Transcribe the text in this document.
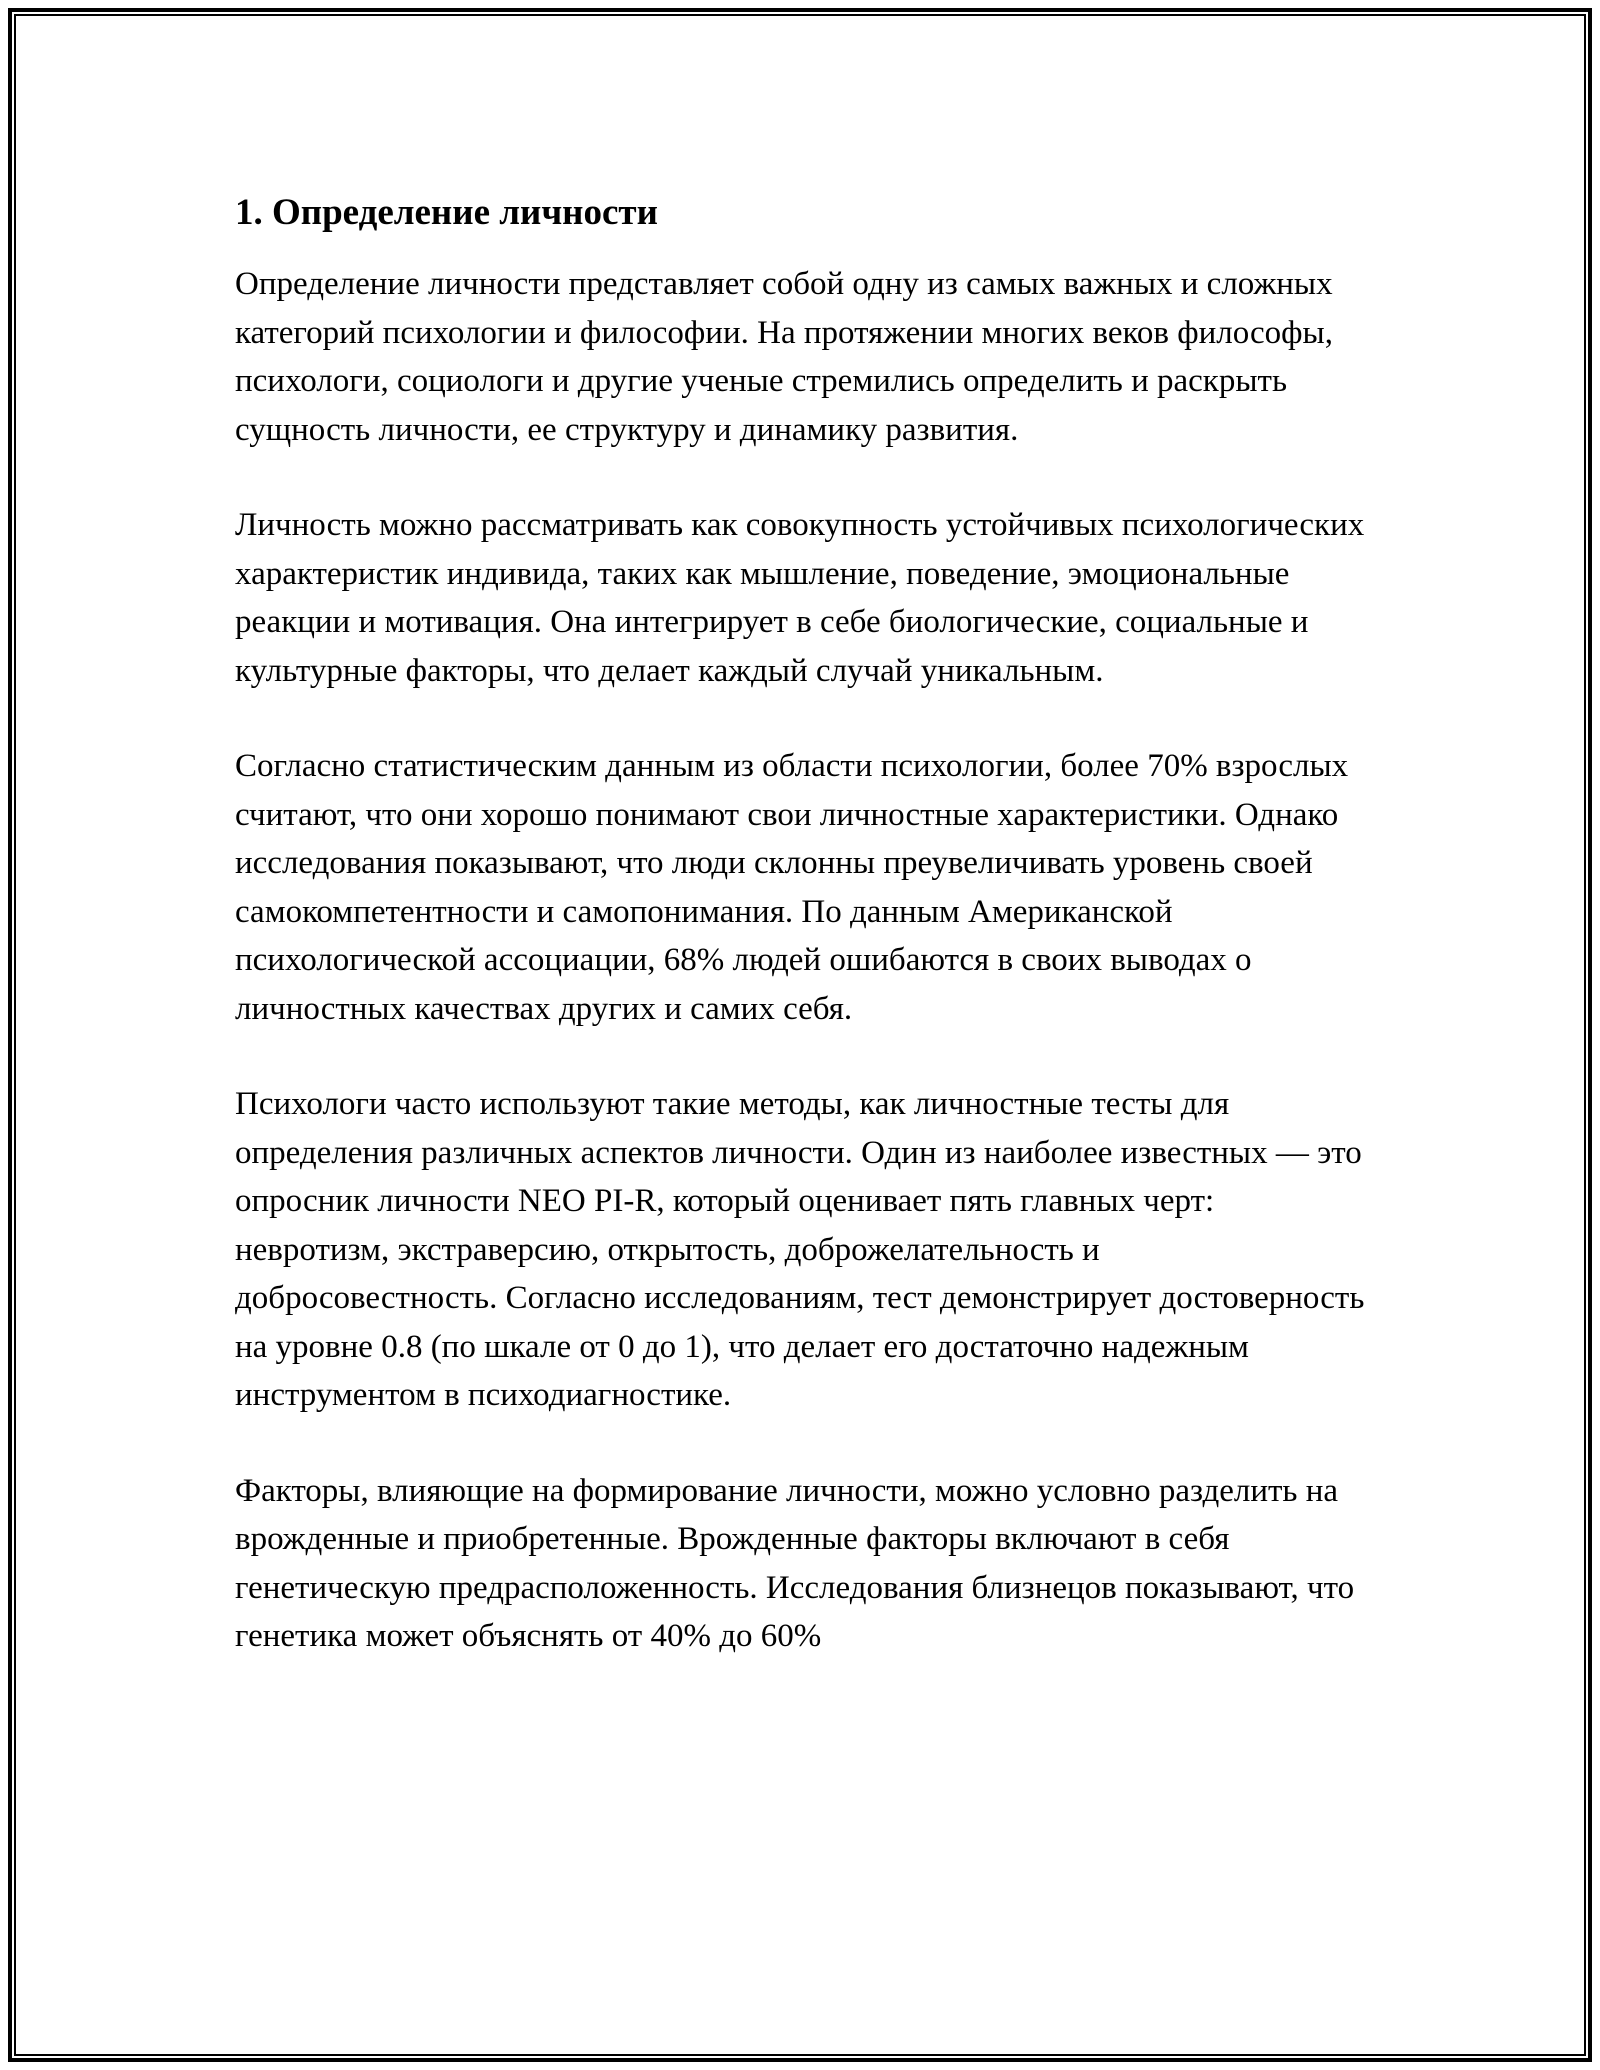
1. Определение личности

Определение личности представляет собой одну из самых важных и сложных категорий психологии и философии. На протяжении многих веков философы, психологи, социологи и другие ученые стремились определить и раскрыть сущность личности, ее структуру и динамику развития.

Личность можно рассматривать как совокупность устойчивых психологических характеристик индивида, таких как мышление, поведение, эмоциональные реакции и мотивация. Она интегрирует в себе биологические, социальные и культурные факторы, что делает каждый случай уникальным.

Согласно статистическим данным из области психологии, более 70% взрослых считают, что они хорошо понимают свои личностные характеристики. Однако исследования показывают, что люди склонны преувеличивать уровень своей самокомпетентности и самопонимания. По данным Американской психологической ассоциации, 68% людей ошибаются в своих выводах о личностных качествах других и самих себя.

Психологи часто используют такие методы, как личностные тесты для определения различных аспектов личности. Один из наиболее известных — это опросник личности NEO PI-R, который оценивает пять главных черт: невротизм, экстраверсию, открытость, доброжелательность и добросовестность. Согласно исследованиям, тест демонстрирует достоверность на уровне 0.8 (по шкале от 0 до 1), что делает его достаточно надежным инструментом в психодиагностике.

Факторы, влияющие на формирование личности, можно условно разделить на врожденные и приобретенные. Врожденные факторы включают в себя генетическую предрасположенность. Исследования близнецов показывают, что генетика может объяснять от 40% до 60%
